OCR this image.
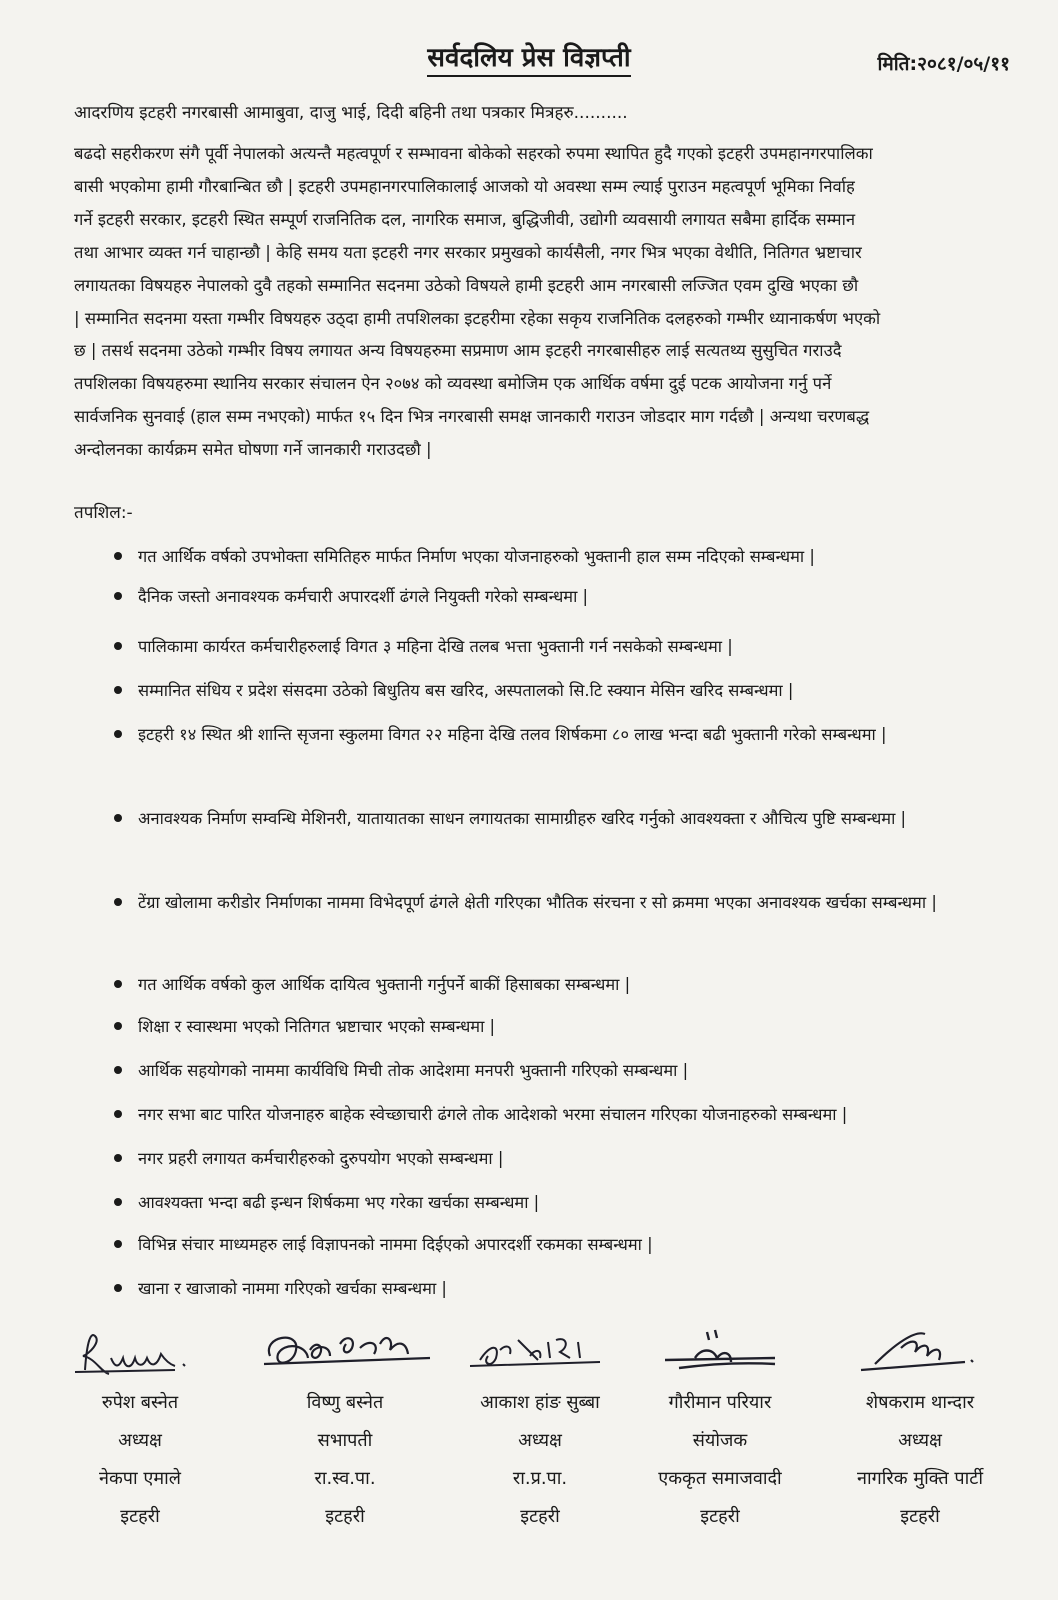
सर्वदलिय प्रेस विज्ञप्ती	मिति:२०८१/०५/११
आदरणिय इटहरी नगरबासी आमाबुवा, दाजु भाई, दिदी बहिनी तथा पत्रकार मित्रहरु..........
बढदो सहरीकरण संगै पूर्वी नेपालको अत्यन्तै महत्वपूर्ण र सम्भावना बोकेको सहरको रुपमा स्थापित हुदै गएको इटहरी उपमहानगरपालिका
बासी भएकोमा हामी गौरबान्बित छौ | इटहरी उपमहानगरपालिकालाई आजको यो अवस्था सम्म ल्याई पुराउन महत्वपूर्ण भूमिका निर्वाह
गर्ने इटहरी सरकार, इटहरी स्थित सम्पूर्ण राजनितिक दल, नागरिक समाज, बुद्धिजीवी, उद्योगी व्यवसायी लगायत सबैमा हार्दिक सम्मान
तथा आभार व्यक्त गर्न चाहान्छौ | केहि समय यता इटहरी नगर सरकार प्रमुखको कार्यसैली, नगर भित्र भएका वेथीति, नितिगत भ्रष्टाचार
लगायतका विषयहरु नेपालको दुवै तहको सम्मानित सदनमा उठेको विषयले हामी इटहरी आम नगरबासी लज्जित एवम दुखि भएका छौ
| सम्मानित सदनमा यस्ता गम्भीर विषयहरु उठ्दा हामी तपशिलका इटहरीमा रहेका सकृय राजनितिक दलहरुको गम्भीर ध्यानाकर्षण भएको
छ | तसर्थ सदनमा उठेको गम्भीर विषय लगायत अन्य विषयहरुमा सप्रमाण आम इटहरी नगरबासीहरु लाई सत्यतथ्य सुसुचित गराउदै
तपशिलका विषयहरुमा स्थानिय सरकार संचालन ऐन २०७४ को व्यवस्था बमोजिम एक आर्थिक वर्षमा दुई पटक आयोजना गर्नु पर्ने
सार्वजनिक सुनवाई (हाल सम्म नभएको) मार्फत १५ दिन भित्र नगरबासी समक्ष जानकारी गराउन जोडदार माग गर्दछौ | अन्यथा चरणबद्ध
अन्दोलनका कार्यक्रम समेत घोषणा गर्ने जानकारी गराउदछौ |
तपशिल:-
गत आर्थिक वर्षको उपभोक्ता समितिहरु मार्फत निर्माण भएका योजनाहरुको भुक्तानी हाल सम्म नदिएको सम्बन्धमा |
दैनिक जस्तो अनावश्यक कर्मचारी अपारदर्शी ढंगले नियुक्ती गरेको सम्बन्धमा |
पालिकामा कार्यरत कर्मचारीहरुलाई विगत ३ महिना देखि तलब भत्ता भुक्तानी गर्न नसकेको सम्बन्धमा |
सम्मानित संधिय र प्रदेश संसदमा उठेको बिधुतिय बस खरिद, अस्पतालको सि.टि स्क्यान मेसिन खरिद सम्बन्धमा |
इटहरी १४ स्थित श्री शान्ति सृजना स्कुलमा विगत २२ महिना देखि तलव शिर्षकमा ८० लाख भन्दा बढी भुक्तानी गरेको सम्बन्धमा |
अनावश्यक निर्माण सम्वन्धि मेशिनरी, यातायातका साधन लगायतका सामाग्रीहरु खरिद गर्नुको आवश्यक्ता र औचित्य पुष्टि सम्बन्धमा |
टेंग्रा खोलामा करीडोर निर्माणका नाममा विभेदपूर्ण ढंगले क्षेती गरिएका भौतिक संरचना र सो क्रममा भएका अनावश्यक खर्चका सम्बन्धमा |
गत आर्थिक वर्षको कुल आर्थिक दायित्व भुक्तानी गर्नुपर्ने बाकीं हिसाबका सम्बन्धमा |
शिक्षा र स्वास्थमा भएको नितिगत भ्रष्टाचार भएको सम्बन्धमा |
आर्थिक सहयोगको नाममा कार्यविधि मिची तोक आदेशमा मनपरी भुक्तानी गरिएको सम्बन्धमा |
नगर सभा बाट पारित योजनाहरु बाहेक स्वेच्छाचारी ढंगले तोक आदेशको भरमा संचालन गरिएका योजनाहरुको सम्बन्धमा |
नगर प्रहरी लगायत कर्मचारीहरुको दुरुपयोग भएको सम्बन्धमा |
आवश्यक्ता भन्दा बढी इन्धन शिर्षकमा भए गरेका खर्चका सम्बन्धमा |
विभिन्न संचार माध्यमहरु लाई विज्ञापनको नाममा दिईएको अपारदर्शी रकमका सम्बन्धमा |
खाना र खाजाको नाममा गरिएको खर्चका सम्बन्धमा |
रुपेश बस्नेत
अध्यक्ष
नेकपा एमाले
इटहरी
विष्णु बस्नेत
सभापती
रा.स्व.पा.
इटहरी
आकाश हांङ सुब्बा
अध्यक्ष
रा.प्र.पा.
इटहरी
गौरीमान परियार
संयोजक
एककृत समाजवादी
इटहरी
शेषकराम थान्दार
अध्यक्ष
नागरिक मुक्ति पार्टी
इटहरी
